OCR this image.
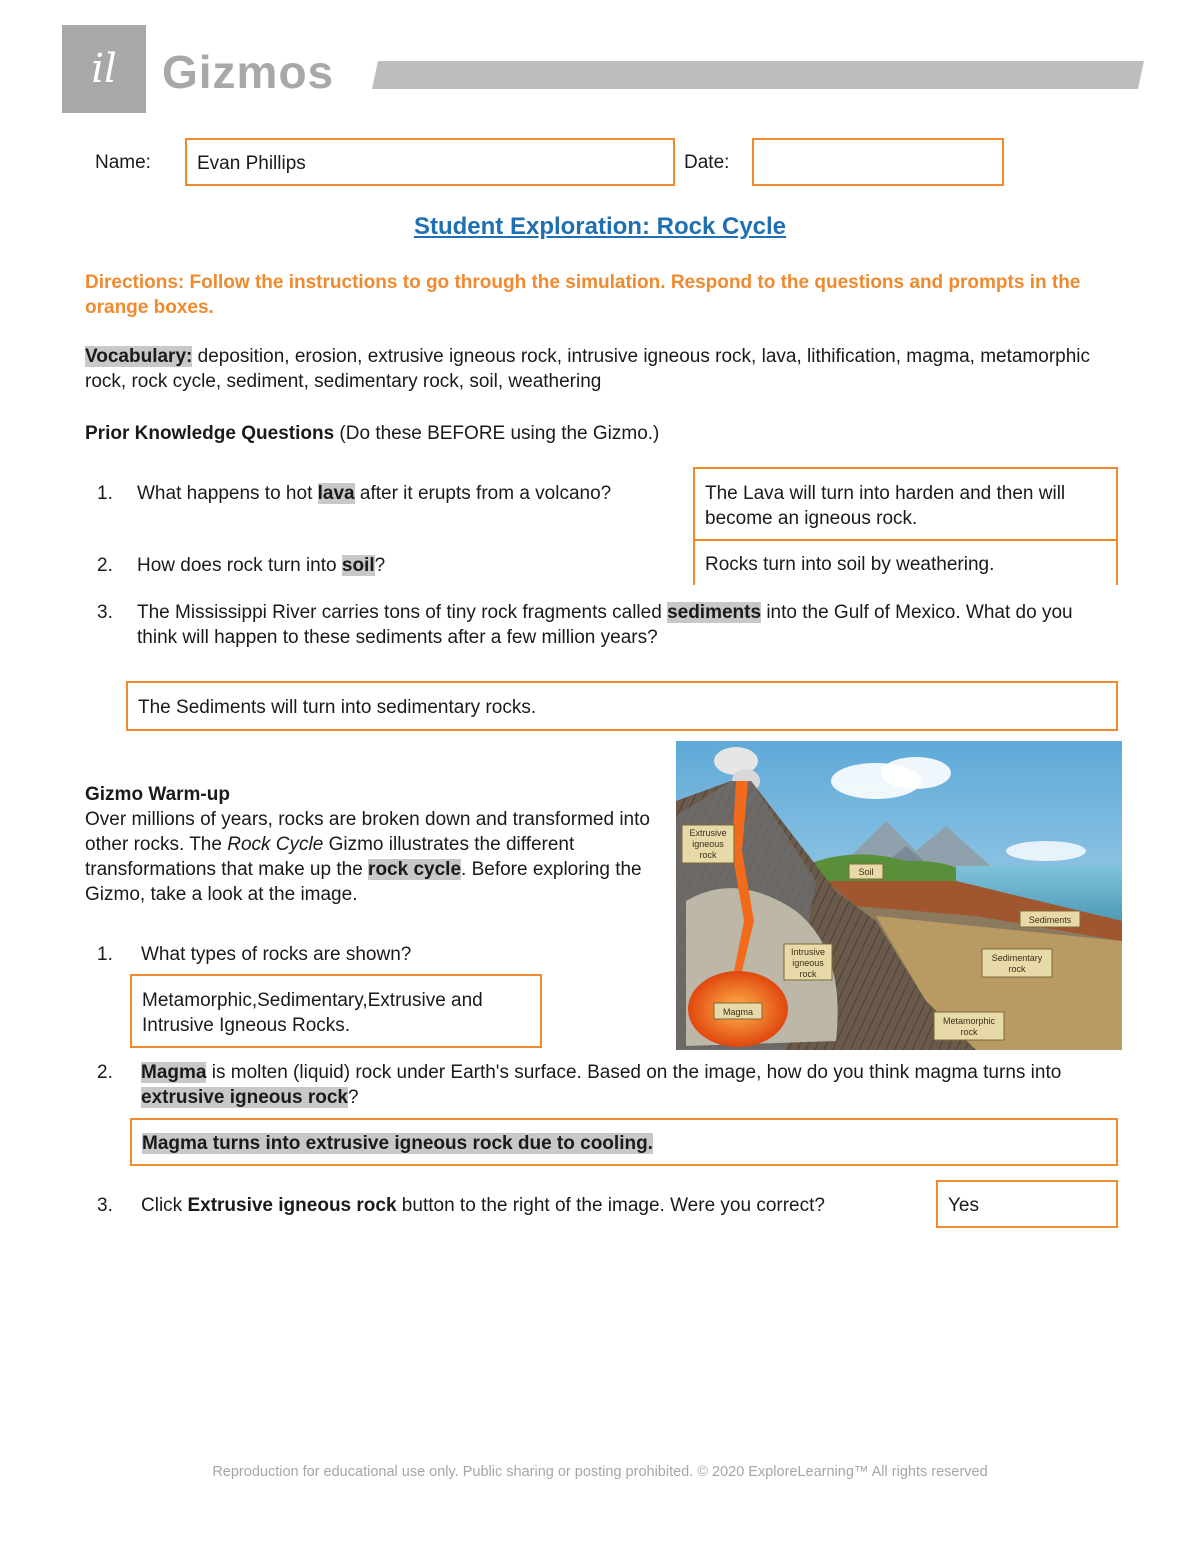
il Gizmos
Name:	Evan Phillips	Date:
Student Exploration: Rock Cycle
Directions: Follow the instructions to go through the simulation. Respond to the questions and prompts in the orange boxes.
Vocabulary: deposition, erosion, extrusive igneous rock, intrusive igneous rock, lava, lithification, magma, metamorphic rock, rock cycle, sediment, sedimentary rock, soil, weathering
Prior Knowledge Questions (Do these BEFORE using the Gizmo.)
1. What happens to hot lava after it erupts from a volcano?	The Lava will turn into harden and then will become an igneous rock.
2. How does rock turn into soil?	Rocks turn into soil by weathering.
3. The Mississippi River carries tons of tiny rock fragments called sediments into the Gulf of Mexico. What do you think will happen to these sediments after a few million years?
The Sediments will turn into sedimentary rocks.
Gizmo Warm-up
Over millions of years, rocks are broken down and transformed into other rocks. The Rock Cycle Gizmo illustrates the different transformations that make up the rock cycle. Before exploring the Gizmo, take a look at the image.
Extrusive
igneous
rock
Soil
Sediments
Intrusive
igneous
rock
Sedimentary
rock
Magma
Metamorphic
rock
1. What types of rocks are shown?
Metamorphic,Sedimentary,Extrusive and Intrusive Igneous Rocks.
2. Magma is molten (liquid) rock under Earth's surface. Based on the image, how do you think magma turns into extrusive igneous rock?
Magma turns into extrusive igneous rock due to cooling.
3. Click Extrusive igneous rock button to the right of the image. Were you correct?	Yes
Reproduction for educational use only. Public sharing or posting prohibited. © 2020 ExploreLearning™ All rights reserved
